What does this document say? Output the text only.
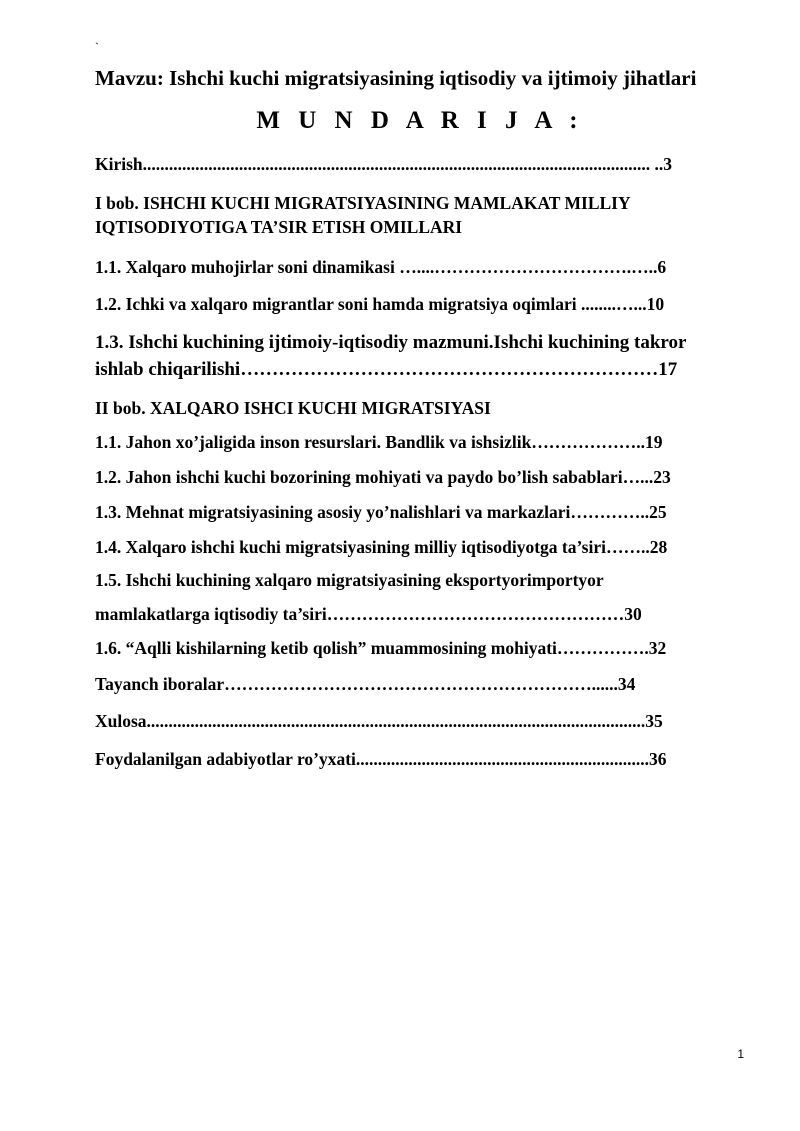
`
Mavzu: Ishchi kuchi migratsiyasining iqtisodiy va ijtimoiy jihatlari
M U N D A R I J A :
Kirish.................................................................................................................... ..3
I bob. ISHCHI KUCHI MIGRATSIYASINING MAMLAKAT MILLIY
IQTISODIYOTIGA TA’SIR ETISH OMILLARI
1.1. Xalqaro muhojirlar soni dinamikasi …....…………………………….…..6
1.2. Ichki va xalqaro migrantlar soni hamda migratsiya oqimlari ........…...10
1.3. Ishchi kuchining ijtimoiy-iqtisodiy mazmuni.Ishchi kuchining takror
ishlab chiqarilishi…………………………………………………………17
II bob. XALQARO ISHCI KUCHI MIGRATSIYASI
1.1. Jahon xo’jaligida inson resurslari. Bandlik va ishsizlik………………..19
1.2. Jahon ishchi kuchi bozorining mohiyati va paydo bo’lish sabablari…...23
1.3. Mehnat migratsiyasining asosiy yo’nalishlari va markazlari…………..25
1.4. Xalqaro ishchi kuchi migratsiyasining milliy iqtisodiyotga ta’siri……..28
1.5. Ishchi kuchining xalqaro migratsiyasining eksportyorimportyor
mamlakatlarga iqtisodiy ta’siri……………………………………………30
1.6. “Aqlli kishilarning ketib qolish” muammosining mohiyati…………….32
Tayanch iboralar………………………………………………………......34
Xulosa..................................................................................................................35
Foydalanilgan adabiyotlar ro’yxati...................................................................36
1
